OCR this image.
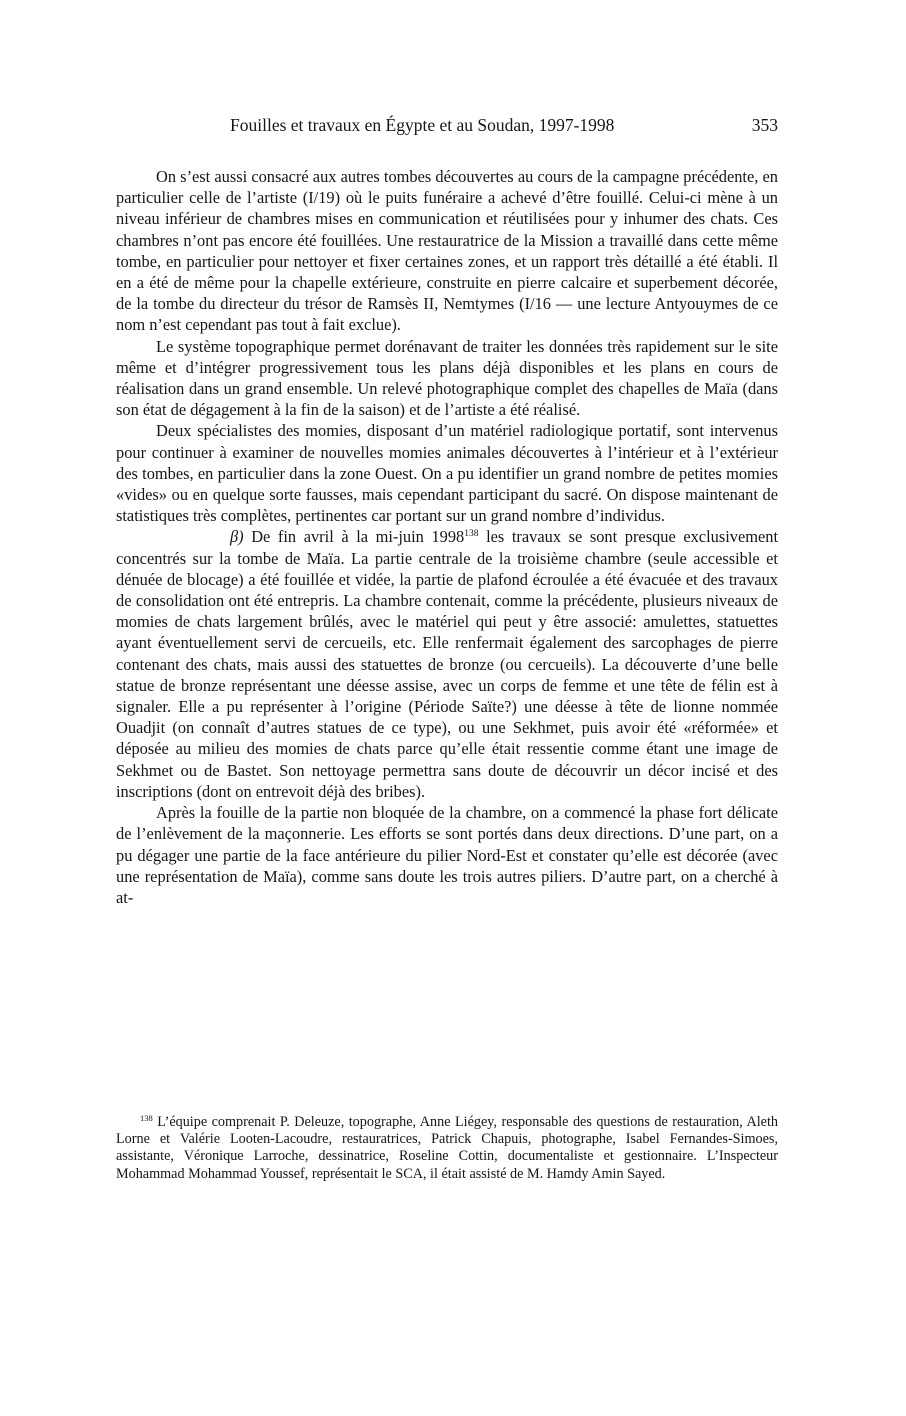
Fouilles et travaux en Égypte et au Soudan, 1997-1998	353

On s’est aussi consacré aux autres tombes découvertes au cours de la campagne précédente, en particulier celle de l’artiste (I/19) où le puits funéraire a achevé d’être fouillé. Celui-ci mène à un niveau inférieur de chambres mises en communication et réutilisées pour y inhumer des chats. Ces chambres n’ont pas encore été fouillées. Une restauratrice de la Mission a travaillé dans cette même tombe, en particulier pour nettoyer et fixer certaines zones, et un rapport très détaillé a été établi. Il en a été de même pour la chapelle extérieure, construite en pierre calcaire et superbement décorée, de la tombe du directeur du trésor de Ramsès II, Nemtymes (I/16 — une lecture Antyouymes de ce nom n’est cependant pas tout à fait exclue).

Le système topographique permet dorénavant de traiter les données très rapidement sur le site même et d’intégrer progressivement tous les plans déjà disponibles et les plans en cours de réalisation dans un grand ensemble. Un relevé photographique complet des chapelles de Maïa (dans son état de dégagement à la fin de la saison) et de l’artiste a été réalisé.

Deux spécialistes des momies, disposant d’un matériel radiologique portatif, sont intervenus pour continuer à examiner de nouvelles momies animales découvertes à l’intérieur et à l’extérieur des tombes, en particulier dans la zone Ouest. On a pu identifier un grand nombre de petites momies «vides» ou en quelque sorte fausses, mais cependant participant du sacré. On dispose maintenant de statistiques très complètes, pertinentes car portant sur un grand nombre d’individus.

β) De fin avril à la mi-juin 1998$^{138}$ les travaux se sont presque exclusivement concentrés sur la tombe de Maïa. La partie centrale de la troisième chambre (seule accessible et dénuée de blocage) a été fouillée et vidée, la partie de plafond écroulée a été évacuée et des travaux de consolidation ont été entrepris. La chambre contenait, comme la précédente, plusieurs niveaux de momies de chats largement brûlés, avec le matériel qui peut y être associé: amulettes, statuettes ayant éventuellement servi de cercueils, etc. Elle renfermait également des sarcophages de pierre contenant des chats, mais aussi des statuettes de bronze (ou cercueils). La découverte d’une belle statue de bronze représentant une déesse assise, avec un corps de femme et une tête de félin est à signaler. Elle a pu représenter à l’origine (Période Saïte?) une déesse à tête de lionne nommée Ouadjit (on connaît d’autres statues de ce type), ou une Sekhmet, puis avoir été «réformée» et déposée au milieu des momies de chats parce qu’elle était ressentie comme étant une image de Sekhmet ou de Bastet. Son nettoyage permettra sans doute de découvrir un décor incisé et des inscriptions (dont on entrevoit déjà des bribes).

Après la fouille de la partie non bloquée de la chambre, on a commencé la phase fort délicate de l’enlèvement de la maçonnerie. Les efforts se sont portés dans deux directions. D’une part, on a pu dégager une partie de la face antérieure du pilier Nord-Est et constater qu’elle est décorée (avec une représentation de Maïa), comme sans doute les trois autres piliers. D’autre part, on a cherché à at-

$^{138}$ L’équipe comprenait P. Deleuze, topographe, Anne Liégey, responsable des questions de restauration, Aleth Lorne et Valérie Looten-Lacoudre, restauratrices, Patrick Chapuis, photographe, Isabel Fernandes-Simoes, assistante, Véronique Larroche, dessinatrice, Roseline Cottin, documentaliste et gestionnaire. L’Inspecteur Mohammad Mohammad Youssef, représentait le SCA, il était assisté de M. Hamdy Amin Sayed.
